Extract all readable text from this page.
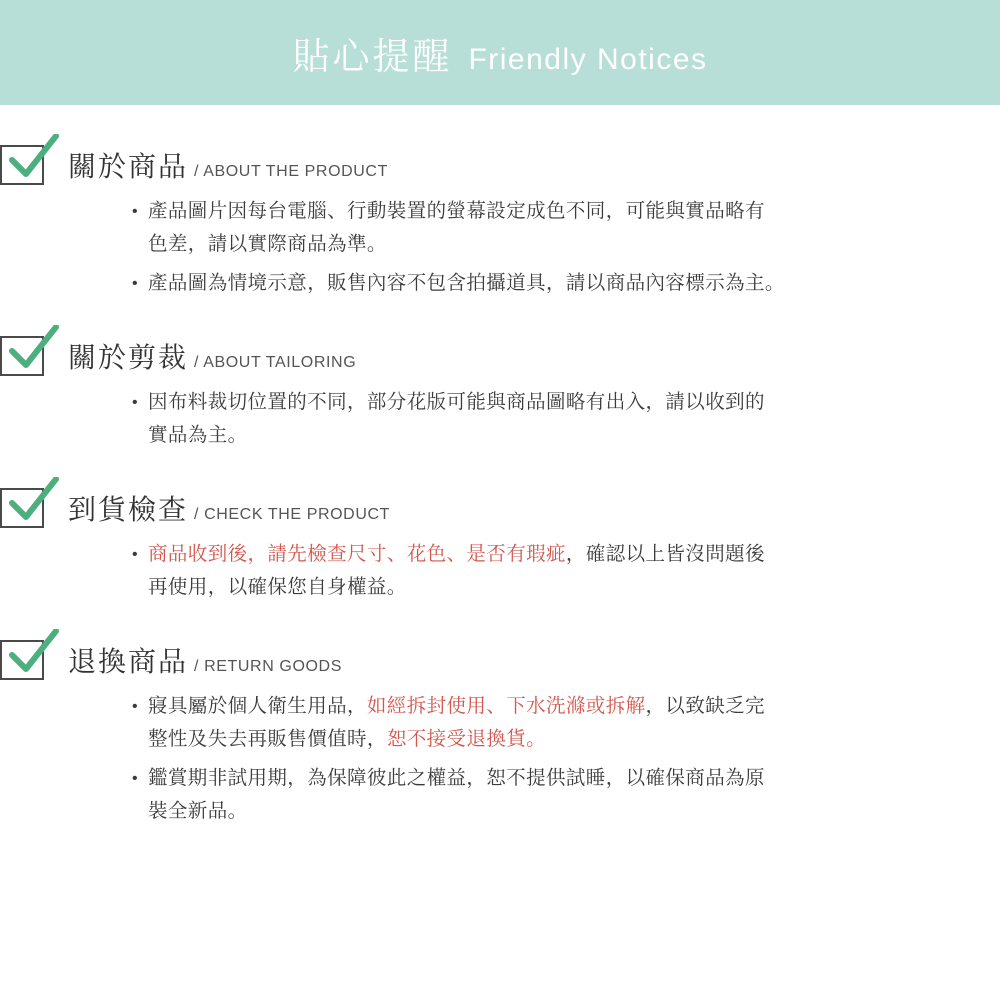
貼心提醒 Friendly Notices
關於商品 / ABOUT THE PRODUCT
• 產品圖片因每台電腦、行動裝置的螢幕設定成色不同，可能與實品略有
色差，請以實際商品為準。
• 產品圖為情境示意，販售內容不包含拍攝道具，請以商品內容標示為主。
關於剪裁 / ABOUT TAILORING
• 因布料裁切位置的不同，部分花版可能與商品圖略有出入，請以收到的
實品為主。
到貨檢查 / CHECK THE PRODUCT
• 商品收到後，請先檢查尺寸、花色、是否有瑕疵，確認以上皆沒問題後
再使用，以確保您自身權益。
退換商品 / RETURN GOODS
• 寢具屬於個人衛生用品，如經拆封使用、下水洗滌或拆解，以致缺乏完
整性及失去再販售價值時，恕不接受退換貨。
• 鑑賞期非試用期，為保障彼此之權益，恕不提供試睡，以確保商品為原
裝全新品。
